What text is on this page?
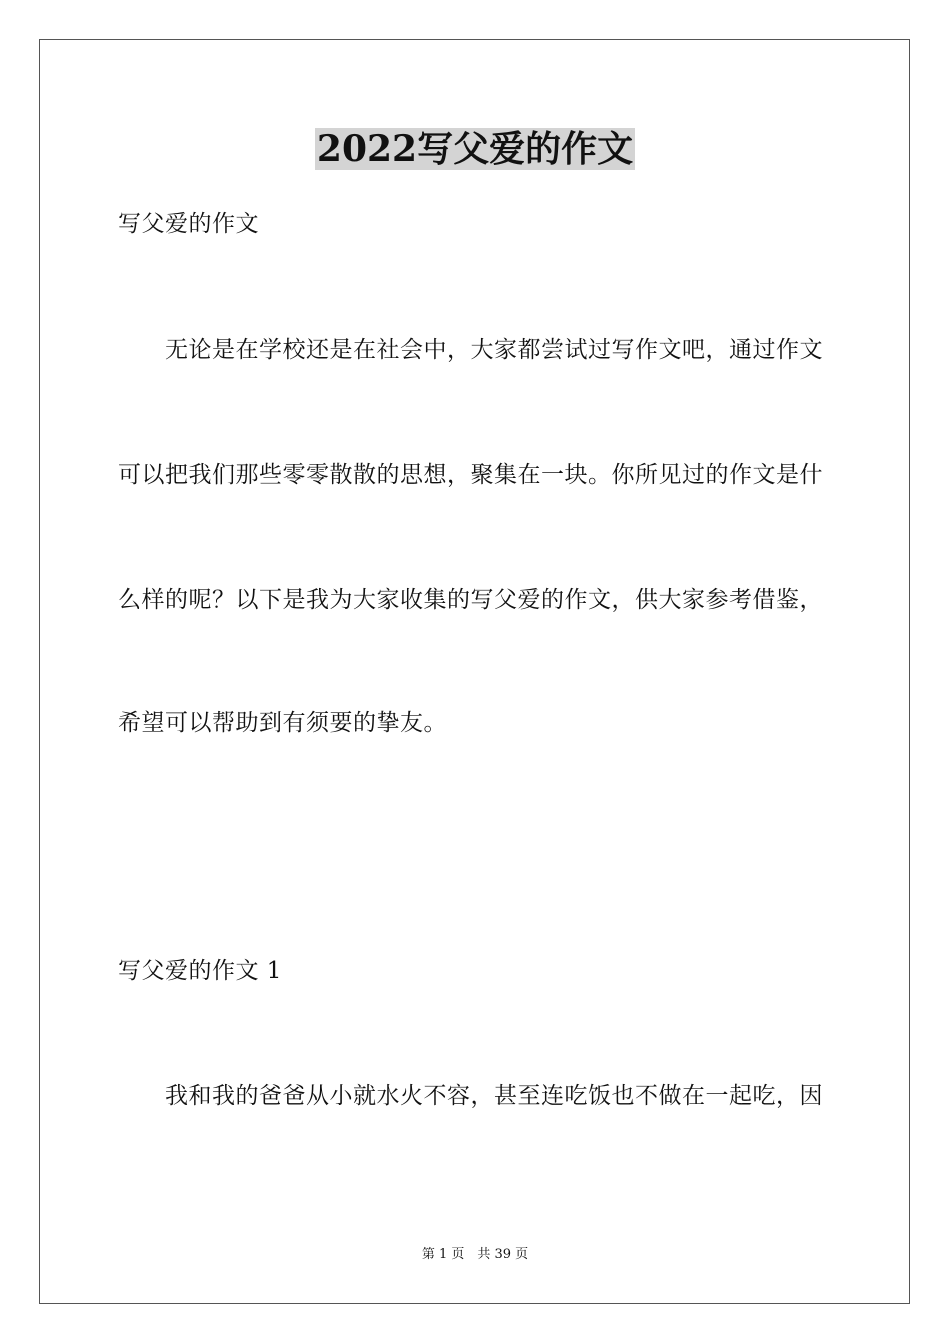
2022写父爱的作文
写父爱的作文
无论是在学校还是在社会中，大家都尝试过写作文吧，通过作文
可以把我们那些零零散散的思想，聚集在一块。你所见过的作文是什
么样的呢？以下是我为大家收集的写父爱的作文，供大家参考借鉴，
希望可以帮助到有须要的挚友。
写父爱的作文 1
我和我的爸爸从小就水火不容，甚至连吃饭也不做在一起吃，因
第 1 页　共 39 页
